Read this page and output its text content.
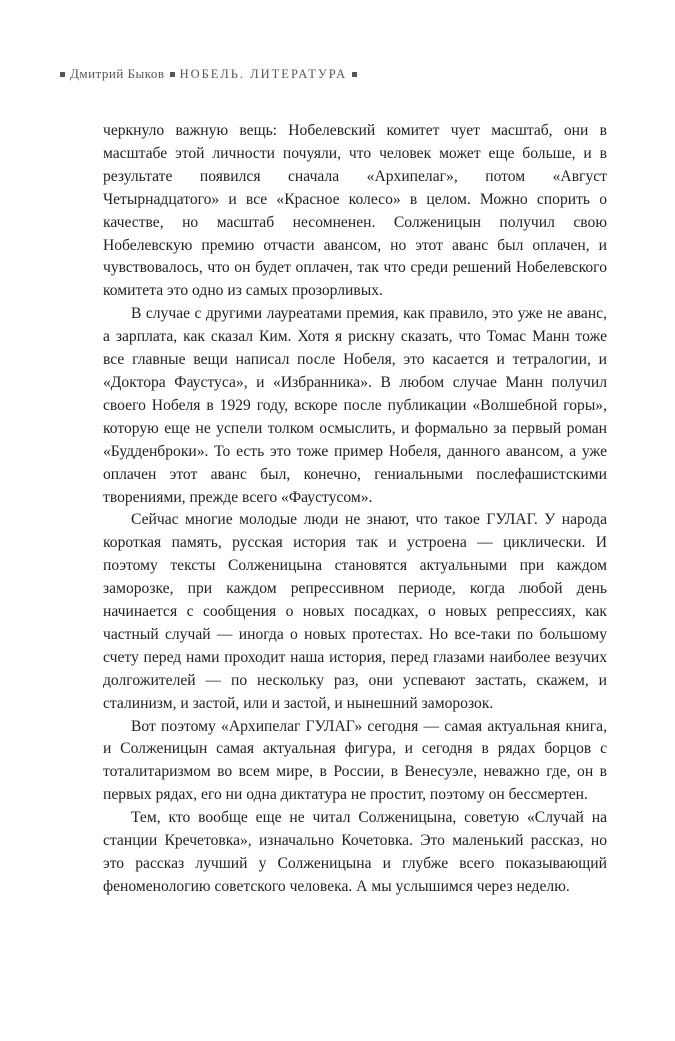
Дмитрий Быков НОБЕЛЬ. ЛИТЕРАТУРА

черкнуло важную вещь: Нобелевский комитет чует масштаб, они в масштабе этой личности почуяли, что человек может еще больше, и в результате появился сначала «Архипелаг», потом «Август Четырнадцатого» и все «Красное колесо» в целом. Можно спорить о качестве, но масштаб несомненен. Солженицын получил свою Нобелевскую премию отчасти авансом, но этот аванс был оплачен, и чувствовалось, что он будет оплачен, так что среди решений Нобелевского комитета это одно из самых прозорливых.

В случае с другими лауреатами премия, как правило, это уже не аванс, а зарплата, как сказал Ким. Хотя я рискну сказать, что Томас Манн тоже все главные вещи написал после Нобеля, это касается и тетралогии, и «Доктора Фаустуса», и «Избранника». В любом случае Манн получил своего Нобеля в 1929 году, вскоре после публикации «Волшебной горы», которую еще не успели толком осмыслить, и формально за первый роман «Будденброки». То есть это тоже пример Нобеля, данного авансом, а уже оплачен этот аванс был, конечно, гениальными послефашистскими творениями, прежде всего «Фаустусом».

Сейчас многие молодые люди не знают, что такое ГУЛАГ. У народа короткая память, русская история так и устроена — циклически. И поэтому тексты Солженицына становятся актуальными при каждом заморозке, при каждом репрессивном периоде, когда любой день начинается с сообщения о новых посадках, о новых репрессиях, как частный случай — иногда о новых протестах. Но все-таки по большому счету перед нами проходит наша история, перед глазами наиболее везучих долгожителей — по нескольку раз, они успевают застать, скажем, и сталинизм, и застой, или и застой, и нынешний заморозок.

Вот поэтому «Архипелаг ГУЛАГ» сегодня — самая актуальная книга, и Солженицын самая актуальная фигура, и сегодня в рядах борцов с тоталитаризмом во всем мире, в России, в Венесуэле, неважно где, он в первых рядах, его ни одна диктатура не простит, поэтому он бессмертен.

Тем, кто вообще еще не читал Солженицына, советую «Случай на станции Кречетовка», изначально Кочетовка. Это маленький рассказ, но это рассказ лучший у Солженицына и глубже всего показывающий феноменологию советского человека. А мы услышимся через неделю.
